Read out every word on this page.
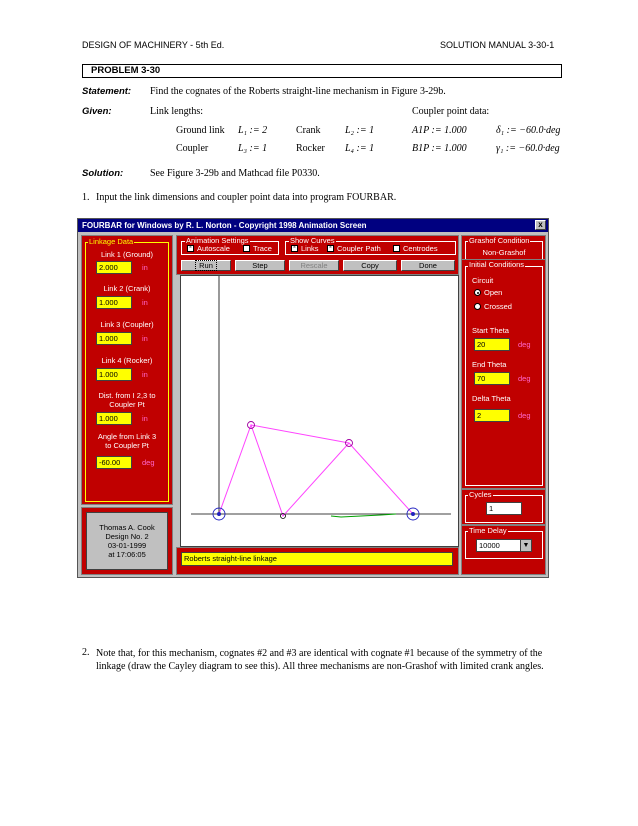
DESIGN OF MACHINERY - 5th Ed.	SOLUTION MANUAL 3-30-1
PROBLEM 3-30
Statement: Find the cognates of the Roberts straight-line mechanism in Figure 3-29b.
Given:	Link lengths:	Coupler point data:
Ground link L₁ := 2	Crank L₂ := 1	A1P := 1.000	δ₁ := −60.0·deg
Coupler	L₃ := 1	Rocker L₄ := 1	B1P := 1.000	γ₁ := −60.0·deg
Solution:	See Figure 3-29b and Mathcad file P0330.
1. Input the link dimensions and coupler point data into program FOURBAR.
FOURBAR for Windows by R. L. Norton - Copyright 1998 Animation Screen	x
Linkage Data
Link 1 (Ground)
2.000	in
Link 2 (Crank)
1.000	in
Link 3 (Coupler)
1.000	in
Link 4 (Rocker)
1.000	in
Dist. from I 2,3 to
Coupler Pt
1.000	in
Angle from Link 3
to Coupler Pt
-60.00	deg
Thomas A. Cook
Design No. 2
03-01-1999
at 17:06:05
Animation Settings
× Autoscale	Trace
Show Curves
× Links × Coupler Path	Centrodes
Run	Step	Rescale	Copy	Done
Roberts straight-line linkage
Grashof Condition
Non-Grashof
Initial Conditions
Circuit
Open
Crossed
Start Theta
20	deg
End Theta
70	deg
Delta Theta
2	deg
Cycles
1
Time Delay
10000	▼
2. Note that, for this mechanism, cognates #2 and #3 are identical with cognate #1 because of the symmetry of the linkage (draw the Cayley diagram to see this). All three mechanisms are non-Grashof with limited crank angles.
